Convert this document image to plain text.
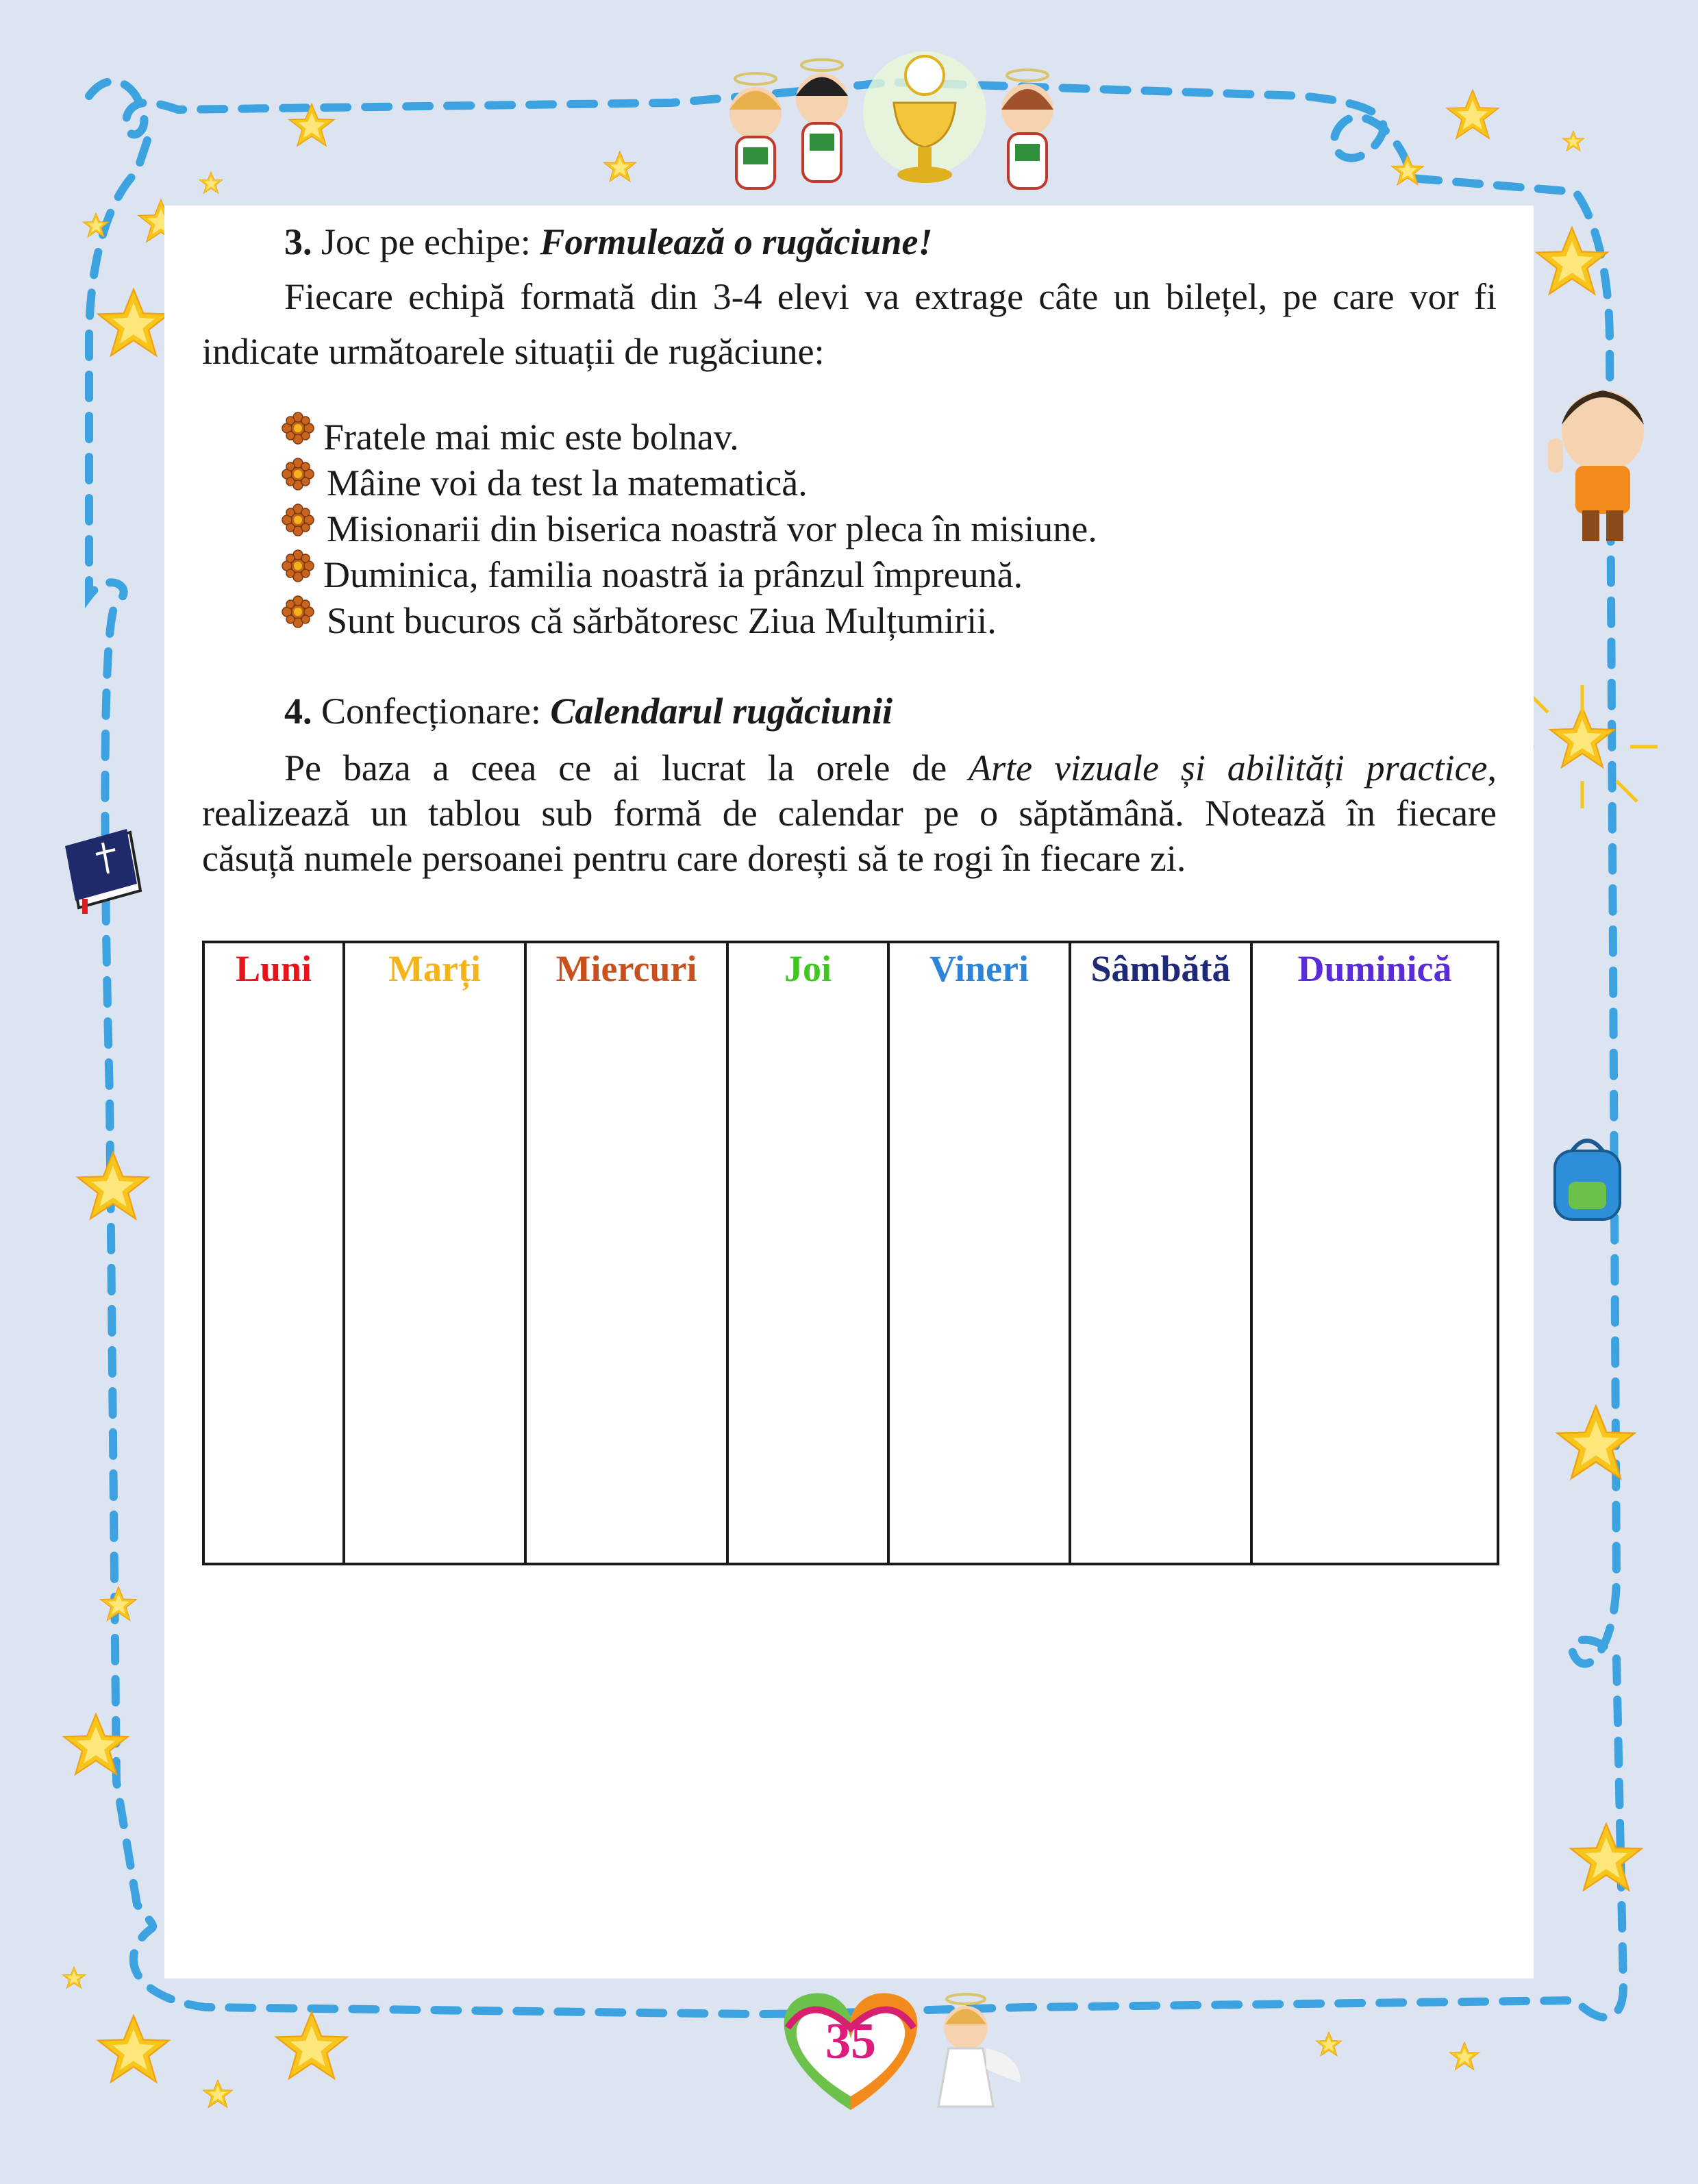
3. Joc pe echipe: Formulează o rugăciune!
Fiecare echipă formată din 3-4 elevi va extrage câte un bilețel, pe care vor fi
indicate următoarele situații de rugăciune:
Fratele mai mic este bolnav.
Mâine voi da test la matematică.
Misionarii din biserica noastră vor pleca în misiune.
Duminica, familia noastră ia prânzul împreună.
Sunt bucuros că sărbătoresc Ziua Mulțumirii.
4. Confecționare: Calendarul rugăciunii
Pe baza a ceea ce ai lucrat la orele de Arte vizuale și abilități practice,
realizează un tablou sub formă de calendar pe o săptămână. Notează în fiecare
căsuță numele persoanei pentru care dorești să te rogi în fiecare zi.
Luni	Marți	Miercuri	Joi	Vineri	Sâmbătă	Duminică
35
